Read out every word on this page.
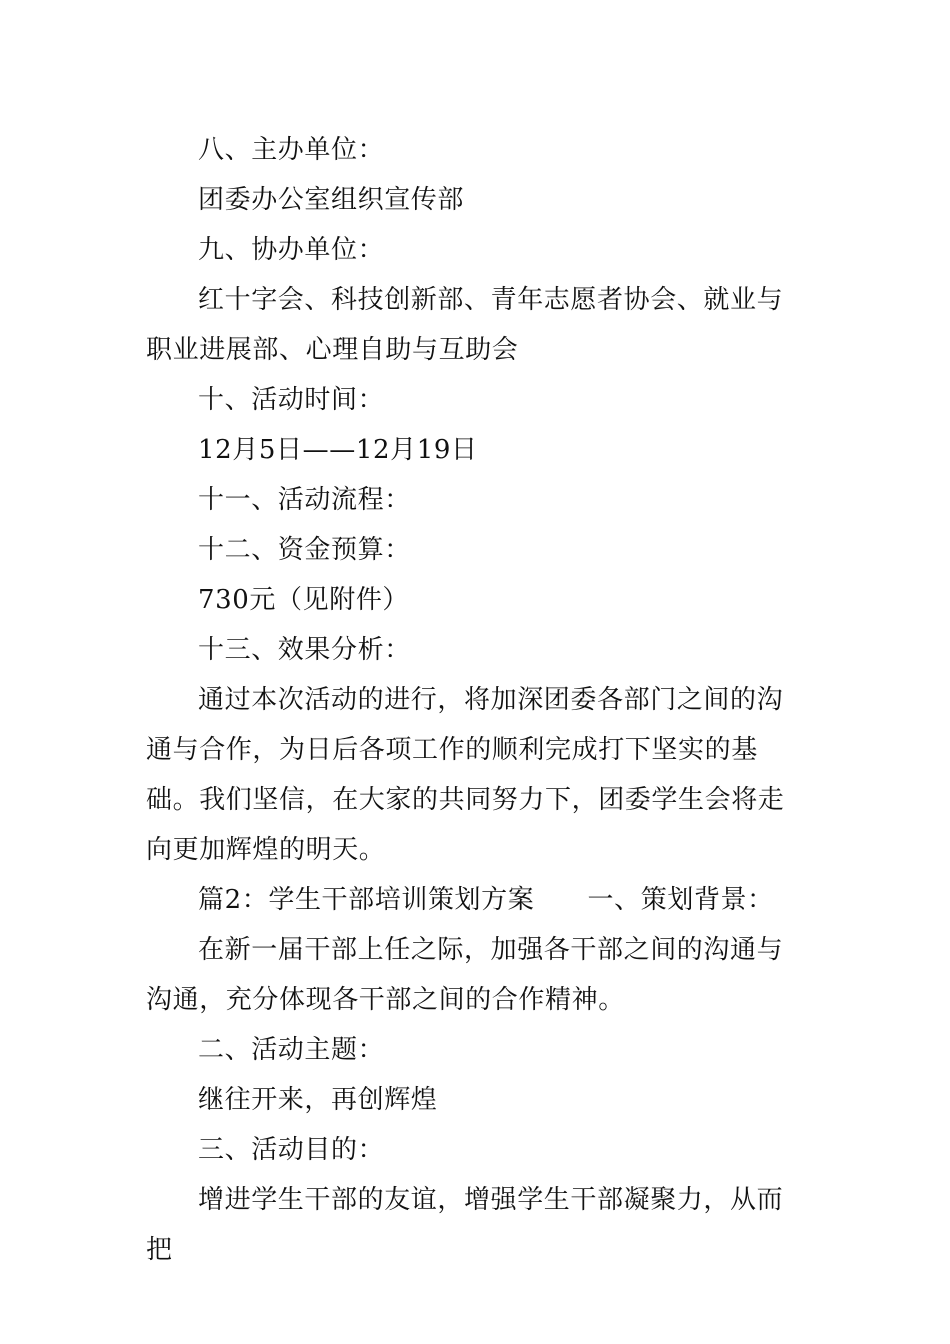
八、主办单位：

团委办公室组织宣传部

九、协办单位：

红十字会、科技创新部、青年志愿者协会、就业与职业进展部、心理自助与互助会

十、活动时间：

12月5日——12月19日

十一、活动流程：

十二、资金预算：

730元（见附件）

十三、效果分析：

通过本次活动的进行，将加深团委各部门之间的沟通与合作，为日后各项工作的顺利完成打下坚实的基础。我们坚信，在大家的共同努力下，团委学生会将走向更加辉煌的明天。

篇2：学生干部培训策划方案　　一、策划背景：

在新一届干部上任之际，加强各干部之间的沟通与沟通，充分体现各干部之间的合作精神。

二、活动主题：

继往开来，再创辉煌

三、活动目的：

增进学生干部的友谊，增强学生干部凝聚力，从而把
